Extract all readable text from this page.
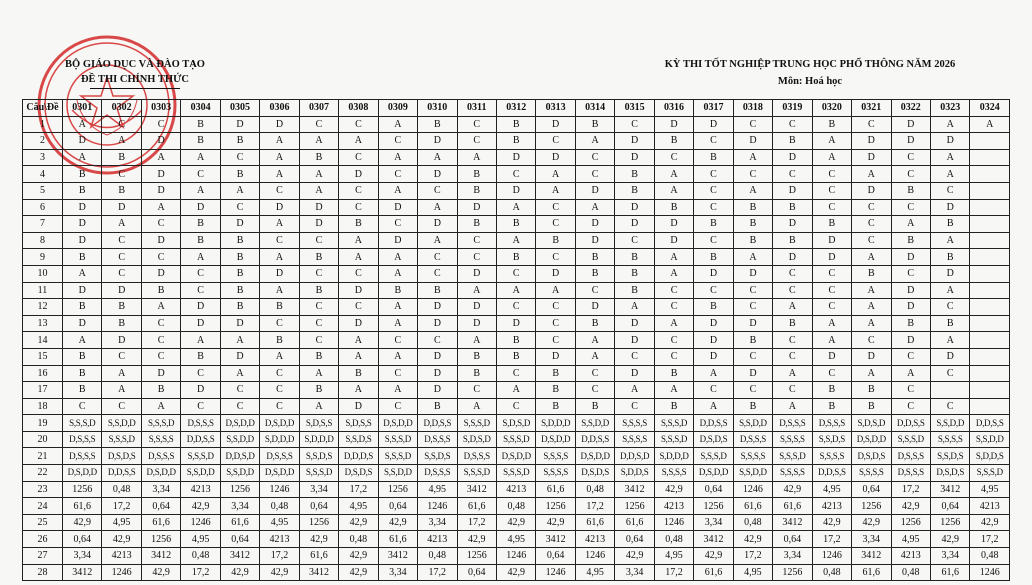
BỘ GIÁO DỤC VÀ ĐÀO TẠO
ĐỀ THI CHÍNH THỨC
KỲ THI TỐT NGHIỆP TRUNG HỌC PHỔ THÔNG NĂM 2026
Môn: Hoá học
Câu\Đề	0301	0302	0303	0304	0305	0306	0307	0308	0309	0310	0311	0312	0313	0314	0315	0316	0317	0318	0319	0320	0321	0322	0323	0324
1	A	C	C	B	D	D	C	C	A	B	C	B	D	B	C	D	D	C	C	B	C	D	A	A
2	D	A	D	B	B	A	A	A	C	D	C	B	C	A	D	B	C	D	B	A	D	D	D	
3	A	B	A	A	C	A	B	C	A	A	A	D	D	C	D	C	B	A	D	A	D	C	A	
4	B	C	D	C	B	A	A	D	C	D	B	C	A	C	B	A	C	C	C	C	A	C	A	
5	B	B	D	A	A	C	A	C	A	C	B	D	A	D	B	A	C	A	D	C	D	B	C	
6	D	D	A	D	C	D	D	C	D	A	D	A	C	A	D	B	C	B	B	C	C	C	D	
7	D	A	C	B	D	A	D	B	C	D	B	B	C	D	D	D	B	B	D	B	C	A	B	
8	D	C	D	B	B	C	C	A	D	A	C	A	B	D	C	D	C	B	B	D	C	B	A	
9	B	C	C	A	B	A	B	A	A	C	C	B	C	B	B	A	B	A	D	D	A	D	B	
10	A	C	D	C	B	D	C	C	A	C	D	C	D	B	B	A	D	D	C	C	B	C	D	
11	D	D	B	C	B	A	B	D	B	B	A	A	A	C	B	C	C	C	C	C	A	D	A	
12	B	B	A	D	B	B	C	C	A	D	D	C	C	D	A	C	B	C	A	C	A	D	C	
13	D	B	C	D	D	C	C	D	A	D	D	D	C	B	D	A	D	D	B	A	A	B	B	
14	A	D	C	A	A	B	C	A	C	C	A	B	C	A	D	C	D	B	C	A	C	D	A	
15	B	C	C	B	D	A	B	A	A	D	B	B	D	A	C	C	D	C	C	D	D	C	D	
16	B	A	D	C	A	C	A	B	C	D	B	C	B	C	D	B	A	D	A	C	A	A	C	
17	B	A	B	D	C	C	B	A	A	D	C	A	B	C	A	A	C	C	C	B	B	C		
18	C	C	A	C	C	C	A	D	C	B	A	C	B	B	C	B	A	B	A	B	B	C	C	
19	S,S,S,D	S,S,D,D	S,S,S,D	D,S,S,S	D,S,D,D	D,S,D,D	S,D,S,S	S,D,S,S	D,S,D,D	D,D,S,S	S,S,S,D	S,D,S,D	S,D,D,D	S,S,D,D	S,S,S,S	S,S,S,D	D,D,S,S	S,S,D,D	D,S,S,S	D,S,S,S	S,D,S,D	D,D,S,S	S,S,D,D	D,D,S,S
20	D,S,S,S	S,S,S,D	S,S,S,S	D,D,S,S	S,S,D,D	S,D,D,D	S,D,D,D	S,S,D,S	S,S,S,D	D,S,S,S	S,D,S,D	S,S,S,D	D,S,D,D	D,D,S,S	S,S,S,S	S,S,S,D	D,S,D,S	D,S,S,S	S,S,S,S	S,S,D,S	D,S,D,D	S,S,S,D	S,S,S,S	S,S,D,D
21	D,S,S,S	D,S,D,S	D,S,S,S	S,S,S,D	D,D,S,D	D,S,S,S	S,S,D,S	D,D,D,S	S,S,S,D	S,S,D,S	D,S,S,S	D,S,D,D	S,S,S,S	D,S,D,D	D,D,S,D	S,D,D,D	S,S,S,D	S,S,S,S	S,S,S,D	S,S,S,S	D,S,D,S	D,S,S,S	S,S,D,S	S,D,D,S
22	D,S,D,D	D,D,S,S	D,S,D,D	S,S,D,D	S,S,D,D	D,S,D,D	S,S,S,D	D,S,D,S	S,S,D,D	D,S,S,S	S,S,S,D	S,S,S,D	S,S,S,S	D,S,D,S	S,D,D,S	S,S,S,S	D,S,D,D	S,S,D,D	S,S,S,S	D,D,S,S	S,S,S,S	D,S,S,S	D,S,D,S	S,S,S,D
23	1256	0,48	3,34	4213	1256	1246	3,34	17,2	1256	4,95	3412	4213	61,6	0,48	3412	42,9	0,64	1246	42,9	4,95	0,64	17,2	3412	4,95
24	61,6	17,2	0,64	42,9	3,34	0,48	0,64	4,95	0,64	1246	61,6	0,48	1256	17,2	1256	4213	1256	61,6	61,6	4213	1256	42,9	0,64	4213
25	42,9	4,95	61,6	1246	61,6	4,95	1256	42,9	42,9	3,34	17,2	42,9	42,9	61,6	61,6	1246	3,34	0,48	3412	42,9	42,9	1256	1256	42,9
26	0,64	42,9	1256	4,95	0,64	4213	42,9	0,48	61,6	4213	42,9	4,95	3412	4213	0,64	0,48	3412	42,9	0,64	17,2	3,34	4,95	42,9	17,2
27	3,34	4213	3412	0,48	3412	17,2	61,6	42,9	3412	0,48	1256	1246	0,64	1246	42,9	4,95	42,9	17,2	3,34	1246	3412	4213	3,34	0,48
28	3412	1246	42,9	17,2	42,9	42,9	3412	42,9	3,34	17,2	0,64	42,9	1246	4,95	3,34	17,2	61,6	4,95	1256	0,48	61,6	0,48	61,6	1246
